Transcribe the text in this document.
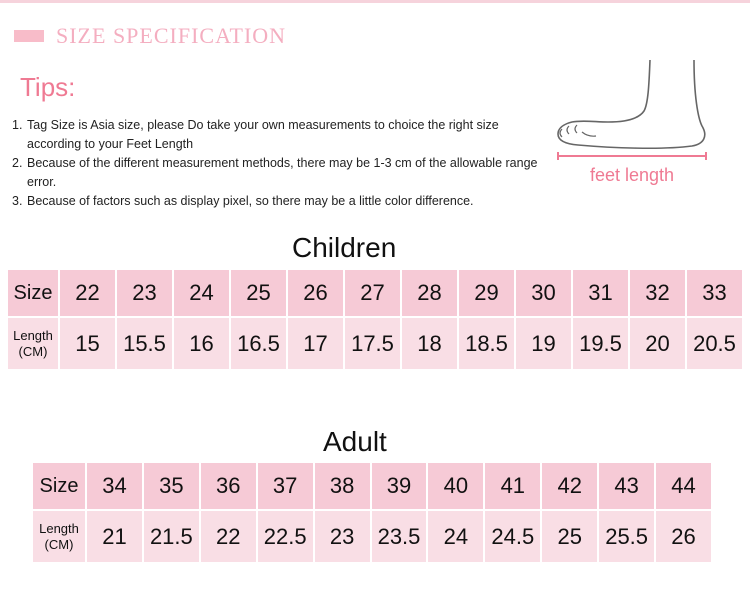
SIZE SPECIFICATION
Tips:
1. Tag Size is Asia size, please Do take your own measurements to choice the right size according to your Feet Length
2. Because of the different measurement methods, there may be 1-3 cm of the allowable range error.
3. Because of factors such as display pixel, so there may be a little color difference.
feet length
Children
Size	22	23	24	25	26	27	28	29	30	31	32	33
Length
(CM)	15	15.5	16	16.5	17	17.5	18	18.5	19	19.5	20	20.5
Adult
Size	34	35	36	37	38	39	40	41	42	43	44
Length
(CM)	21	21.5	22	22.5	23	23.5	24	24.5	25	25.5	26
